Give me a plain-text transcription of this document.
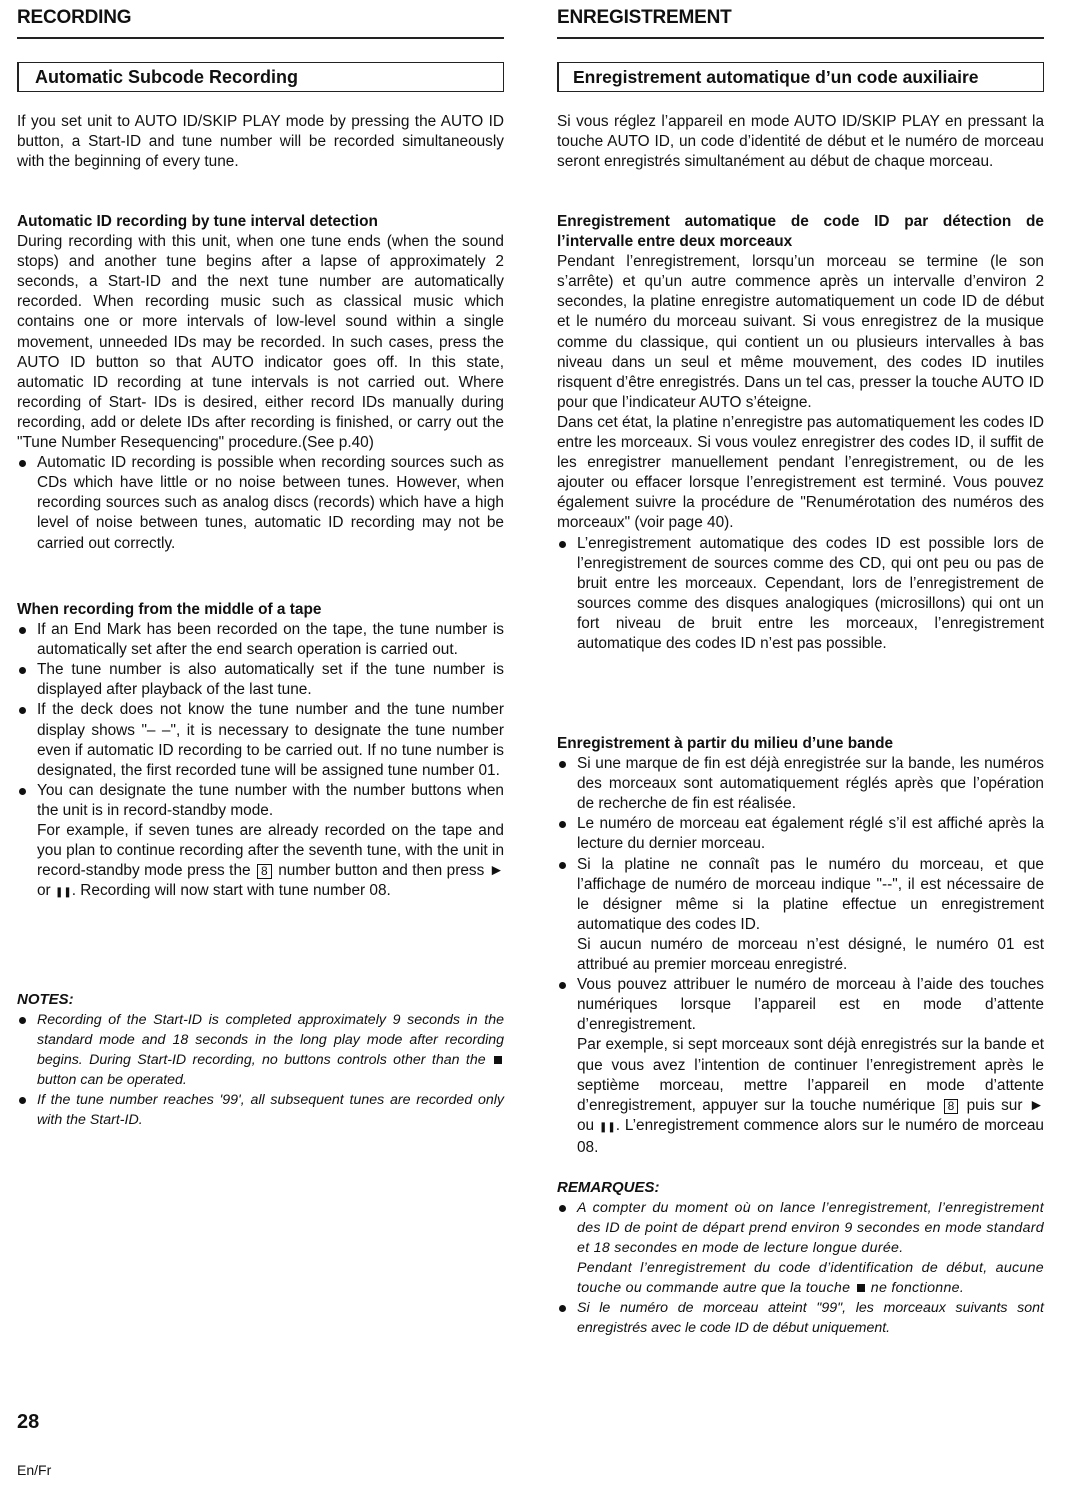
RECORDING
Automatic Subcode Recording

If you set unit to AUTO ID/SKIP PLAY mode by pressing the AUTO ID button, a Start-ID and tune number will be recorded simultaneously with the beginning of every tune.

Automatic ID recording by tune interval detection

During recording with this unit, when one tune ends (when the sound stops) and another tune begins after a lapse of approximately 2 seconds, a Start-ID and the next tune number are automatically recorded. When recording music such as classical music which contains one or more intervals of low-level sound within a single movement, unneeded IDs may be recorded. In such cases, press the AUTO ID button so that AUTO indicator goes off. In this state, automatic ID recording at tune intervals is not carried out. Where recording of Start- IDs is desired, either record IDs manually during recording, add or delete IDs after recording is finished, or carry out the "Tune Number Resequencing" procedure.(See p.40)

Automatic ID recording is possible when recording sources such as CDs which have little or no noise between tunes. However, when recording sources such as analog discs (records) which have a high level of noise between tunes, automatic ID recording may not be carried out correctly.

When recording from the middle of a tape

If an End Mark has been recorded on the tape, the tune number is automatically set after the end search operation is carried out.
The tune number is also automatically set if the tune number is displayed after playback of the last tune.
If the deck does not know the tune number and the tune number display shows "– –", it is necessary to designate the tune number even if automatic ID recording to be carried out. If no tune number is designated, the first recorded tune will be assigned tune number 01.
You can designate the tune number with the number buttons when the unit is in record-standby mode.
For example, if seven tunes are already recorded on the tape and you plan to continue recording after the seventh tune, with the unit in record-standby mode press the 8 number button and then press ► or ❚❚. Recording will now start with tune number 08.

NOTES:

Recording of the Start-ID is completed approximately 9 seconds in the standard mode and 18 seconds in the long play mode after recording begins. During Start-ID recording, no buttons controls other than the  button can be operated.
If the tune number reaches '99', all subsequent tunes are recorded only with the Start-ID.
ENREGISTREMENT
Enregistrement automatique d’un code auxiliaire

Si vous réglez l’appareil en mode AUTO ID/SKIP PLAY en pressant la touche AUTO ID, un code d’identité de début et le numéro de morceau seront enregistrés simultanément au début de chaque morceau.

Enregistrement automatique de code ID par détection de l’intervalle entre deux morceaux

Pendant l’enregistrement, lorsqu’un morceau se termine (le son s’arrête) et qu’un autre commence après un intervalle d’environ 2 secondes, la platine enregistre automatiquement un code ID de début et le numéro du morceau suivant. Si vous enregistrez de la musique comme du classique, qui contient un ou plusieurs intervalles à bas niveau dans un seul et même mouvement, des codes ID inutiles risquent d’être enregistrés. Dans un tel cas, presser la touche AUTO ID pour que l’indicateur AUTO s’éteigne.

Dans cet état, la platine n’enregistre pas automatiquement les codes ID entre les morceaux. Si vous voulez enregistrer des codes ID, il suffit de les enregistrer manuellement pendant l’enregistrement, ou de les ajouter ou effacer lorsque l’enregistrement est terminé. Vous pouvez également suivre la procédure de "Renumérotation des numéros des morceaux" (voir page 40).

L’enregistrement automatique des codes ID est possible lors de l’enregistrement de sources comme des CD, qui ont peu ou pas de bruit entre les morceaux. Cependant, lors de l’enregistrement de sources comme des disques analogiques (microsillons) qui ont un fort niveau de bruit entre les morceaux, l’enregistrement automatique des codes ID n’est pas possible.

Enregistrement à partir du milieu d’une bande

Si une marque de fin est déjà enregistrée sur la bande, les numéros des morceaux sont automatiquement réglés après que l’opération de recherche de fin est réalisée.
Le numéro de morceau eat également réglé s’il est affiché après la lecture du dernier morceau.
Si la platine ne connaît pas le numéro du morceau, et que l’affichage de numéro de morceau indique "--", il est nécessaire de le désigner même si la platine effectue un enregistrement automatique des codes ID.
Si aucun numéro de morceau n’est désigné, le numéro 01 est attribué au premier morceau enregistré.
Vous pouvez attribuer le numéro de morceau à l’aide des touches numériques lorsque l’appareil est en mode d’attente d’enregistrement.
Par exemple, si sept morceaux sont déjà enregistrés sur la bande et que vous avez l’intention de continuer l’enregistrement après le septième morceau, mettre l’appareil en mode d’attente d’enregistrement, appuyer sur la touche numérique 8 puis sur ► ou ❚❚. L’enregistrement commence alors sur le numéro de morceau 08.

REMARQUES:

A compter du moment où on lance l’enregistrement, l’enregistrement des ID de point de départ prend environ 9 secondes en mode standard et 18 secondes en mode de lecture longue durée.
Pendant l’enregistrement du code d’identification de début, aucune touche ou commande autre que la touche ne fonctionne.
Si le numéro de morceau atteint "99", les morceaux suivants sont enregistrés avec le code ID de début uniquement.
28
En/Fr
